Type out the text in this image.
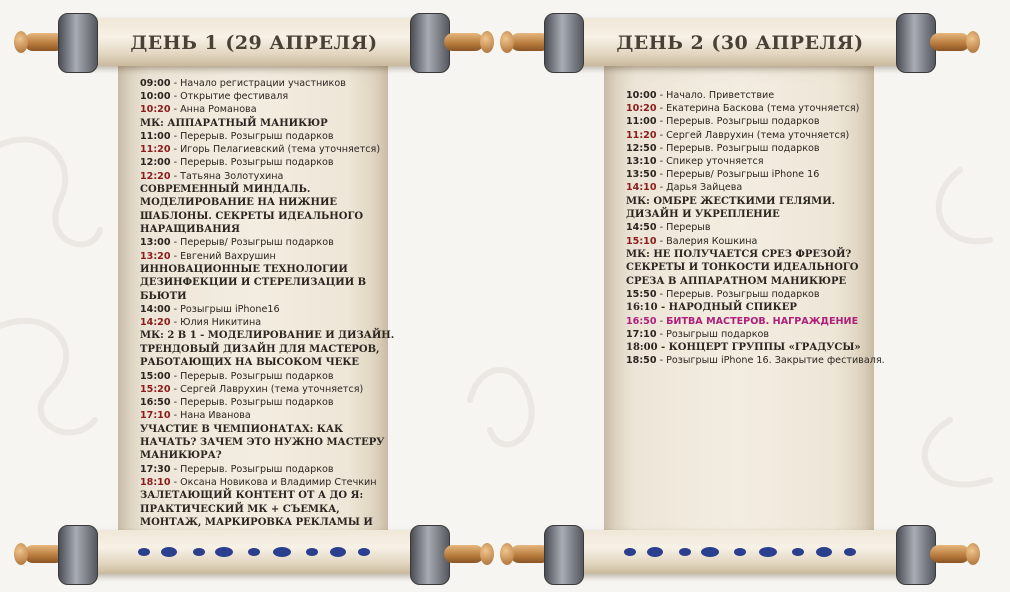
ДЕНЬ 1 (29 АПРЕЛЯ)
09:00 - Начало регистрации участников
10:00 - Открытие фестиваля
10:20 - Анна Романова
МК: АППАРАТНЫЙ МАНИКЮР
11:00 - Перерыв. Розыгрыш подарков
11:20 - Игорь Пелагиевский (тема уточняется)
12:00 - Перерыв. Розыгрыш подарков
12:20 - Татьяна Золотухина
СОВРЕМЕННЫЙ МИНДАЛЬ. МОДЕЛИРОВАНИЕ НА НИЖНИЕ ШАБЛОНЫ. СЕКРЕТЫ ИДЕАЛЬНОГО НАРАЩИВАНИЯ
13:00 - Перерыв/ Розыгрыш подарков
13:20 - Евгений Вахрушин
ИННОВАЦИОННЫЕ ТЕХНОЛОГИИ ДЕЗИНФЕКЦИИ И СТЕРЕЛИЗАЦИИ В БЬЮТИ
14:00 - Розыгрыш iPhone16
14:20 - Юлия Никитина
МК: 2 В 1 - МОДЕЛИРОВАНИЕ И ДИЗАЙН. ТРЕНДОВЫЙ ДИЗАЙН ДЛЯ МАСТЕРОВ, РАБОТАЮЩИХ НА ВЫСОКОМ ЧЕКЕ
15:00 - Перерыв. Розыгрыш подарков
15:20 - Сергей Лаврухин (тема уточняется)
16:50 - Перерыв. Розыгрыш подарков
17:10 - Нана Иванова
УЧАСТИЕ В ЧЕМПИОНАТАХ: КАК НАЧАТЬ? ЗАЧЕМ ЭТО НУЖНО МАСТЕРУ МАНИКЮРА?
17:30 - Перерыв. Розыгрыш подарков
18:10 - Оксана Новикова и Владимир Стечкин
ЗАЛЕТАЮЩИЙ КОНТЕНТ ОТ А ДО Я: ПРАКТИЧЕСКИЙ МК + СЪЕМКА, МОНТАЖ, МАРКИРОВКА РЕКЛАМЫ И
ДЕНЬ 2 (30 АПРЕЛЯ)
10:00 - Начало. Приветствие
10:20 - Екатерина Баскова (тема уточняется)
11:00 - Перерыв. Розыгрыш подарков
11:20 - Сергей Лаврухин (тема уточняется)
12:50 - Перерыв. Розыгрыш подарков
13:10 - Спикер уточняется
13:50 - Перерыв/ Розыгрыш iPhone 16
14:10 - Дарья Зайцева
МК: ОМБРЕ ЖЕСТКИМИ ГЕЛЯМИ. ДИЗАЙН И УКРЕПЛЕНИЕ
14:50 - Перерыв
15:10 - Валерия Кошкина
МК: НЕ ПОЛУЧАЕТСЯ СРЕЗ ФРЕЗОЙ? СЕКРЕТЫ И ТОНКОСТИ ИДЕАЛЬНОГО СРЕЗА В АППАРАТНОМ МАНИКЮРЕ
15:50 - Перерыв. Розыгрыш подарков
16:10 - НАРОДНЫЙ СПИКЕР
16:50 - БИТВА МАСТЕРОВ. НАГРАЖДЕНИЕ
17:10 - Розыгрыш подарков
18:00 - КОНЦЕРТ ГРУППЫ «ГРАДУСЫ»
18:50 - Розыгрыш iPhone 16. Закрытие фестиваля.
